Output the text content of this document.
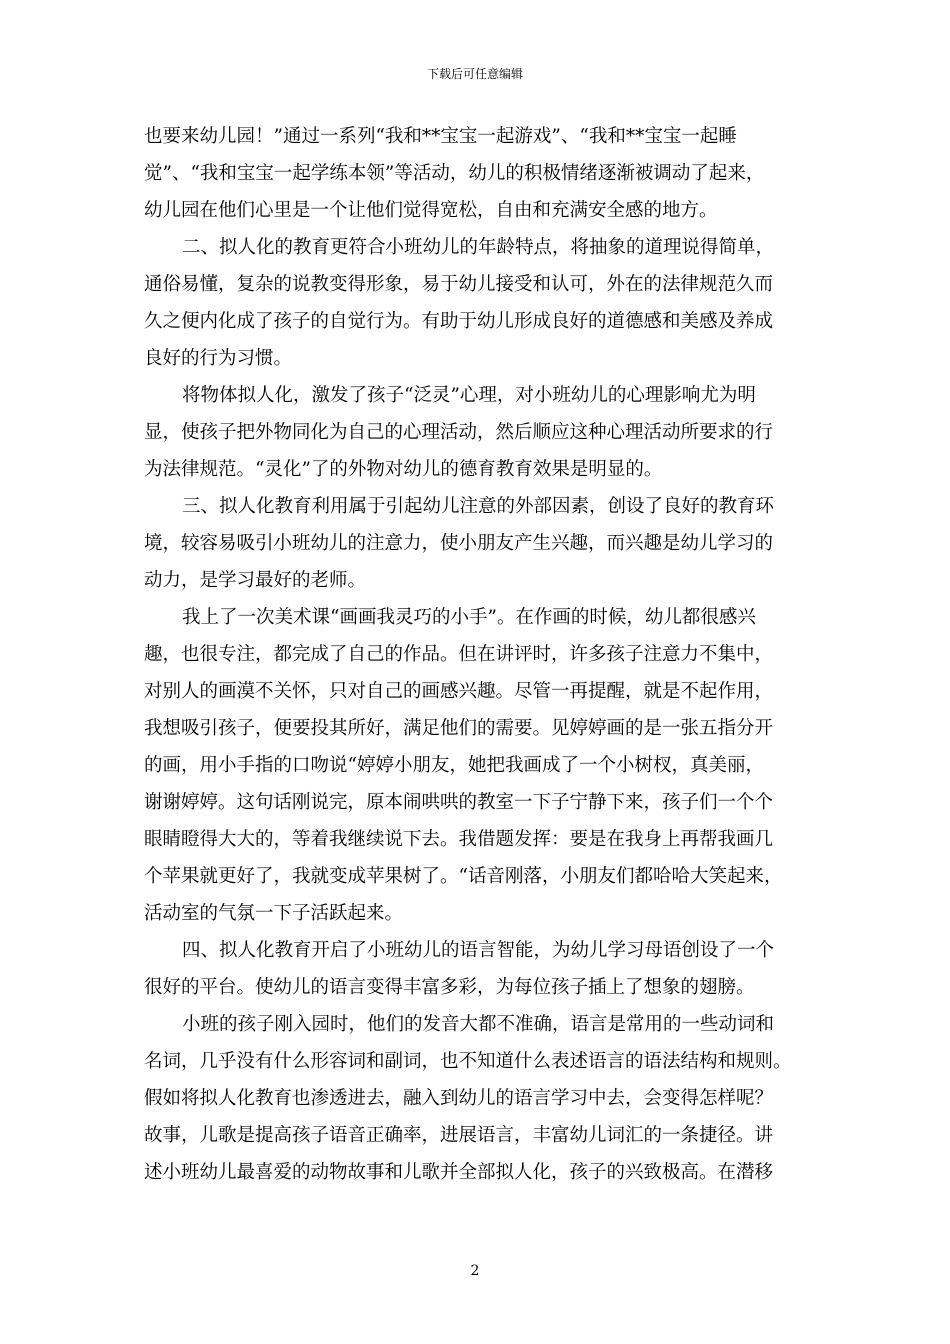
下载后可任意编辑
也要来幼儿园！”通过一系列“我和**宝宝一起游戏”、“我和**宝宝一起睡
觉”、“我和宝宝一起学练本领”等活动，幼儿的积极情绪逐渐被调动了起来，
幼儿园在他们心里是一个让他们觉得宽松，自由和充满安全感的地方。
二、拟人化的教育更符合小班幼儿的年龄特点，将抽象的道理说得简单，
通俗易懂，复杂的说教变得形象，易于幼儿接受和认可，外在的法律规范久而
久之便内化成了孩子的自觉行为。有助于幼儿形成良好的道德感和美感及养成
良好的行为习惯。
将物体拟人化，激发了孩子“泛灵”心理，对小班幼儿的心理影响尤为明
显，使孩子把外物同化为自己的心理活动，然后顺应这种心理活动所要求的行
为法律规范。“灵化”了的外物对幼儿的德育教育效果是明显的。
三、拟人化教育利用属于引起幼儿注意的外部因素，创设了良好的教育环
境，较容易吸引小班幼儿的注意力，使小朋友产生兴趣，而兴趣是幼儿学习的
动力，是学习最好的老师。
我上了一次美术课“画画我灵巧的小手”。在作画的时候，幼儿都很感兴
趣，也很专注，都完成了自己的作品。但在讲评时，许多孩子注意力不集中，
对别人的画漠不关怀，只对自己的画感兴趣。尽管一再提醒，就是不起作用，
我想吸引孩子，便要投其所好，满足他们的需要。见婷婷画的是一张五指分开
的画，用小手指的口吻说“婷婷小朋友，她把我画成了一个小树杈，真美丽，
谢谢婷婷。这句话刚说完，原本闹哄哄的教室一下子宁静下来，孩子们一个个
眼睛瞪得大大的，等着我继续说下去。我借题发挥：要是在我身上再帮我画几
个苹果就更好了，我就变成苹果树了。“话音刚落，小朋友们都哈哈大笑起来，
活动室的气氛一下子活跃起来。
四、拟人化教育开启了小班幼儿的语言智能，为幼儿学习母语创设了一个
很好的平台。使幼儿的语言变得丰富多彩，为每位孩子插上了想象的翅膀。
小班的孩子刚入园时，他们的发音大都不准确，语言是常用的一些动词和
名词，几乎没有什么形容词和副词，也不知道什么表述语言的语法结构和规则。
假如将拟人化教育也渗透进去，融入到幼儿的语言学习中去，会变得怎样呢？
故事，儿歌是提高孩子语音正确率，进展语言，丰富幼儿词汇的一条捷径。讲
述小班幼儿最喜爱的动物故事和儿歌并全部拟人化，孩子的兴致极高。在潜移
2
